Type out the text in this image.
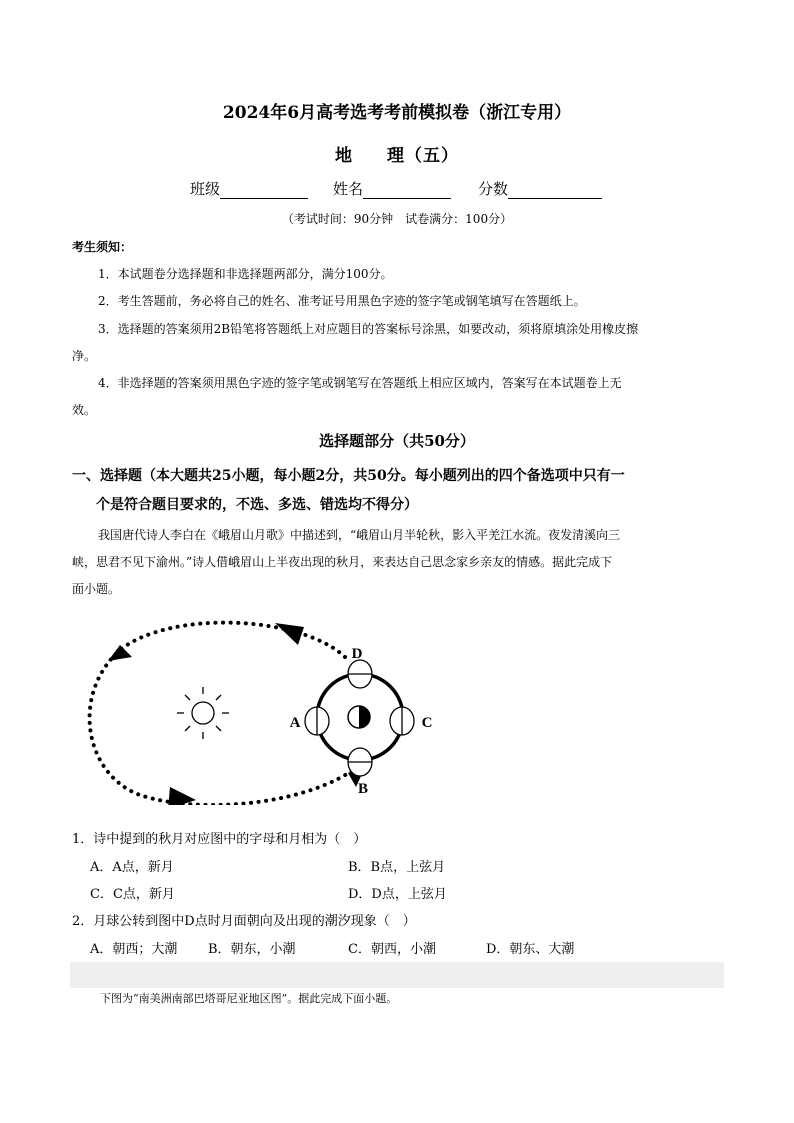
2024年6月高考选考考前模拟卷（浙江专用）
地 理（五）
班级	姓名	分数
（考试时间：90分钟　试卷满分：100分）
考生须知：
1．本试题卷分选择题和非选择题两部分，满分100分。
2．考生答题前，务必将自己的姓名、准考证号用黑色字迹的签字笔或钢笔填写在答题纸上。
3．选择题的答案须用2B铅笔将答题纸上对应题目的答案标号涂黑，如要改动，须将原填涂处用橡皮擦
净。
4．非选择题的答案须用黑色字迹的签字笔或钢笔写在答题纸上相应区域内，答案写在本试题卷上无
效。
选择题部分（共50分）
一、选择题（本大题共25小题，每小题2分，共50分。每小题列出的四个备选项中只有一
个是符合题目要求的，不选、多选、错选均不得分）
我国唐代诗人李白在《峨眉山月歌》中描述到，“峨眉山月半轮秋，影入平羌江水流。夜发清溪向三
峡，思君不见下渝州。”诗人借峨眉山上半夜出现的秋月，来表达自己思念家乡亲友的情感。据此完成下
面小题。
D
B
A	C
1．诗中提到的秋月对应图中的字母和月相为（　）
A．A点，新月	B．B点，上弦月
C．C点，新月	D．D点，上弦月
2．月球公转到图中D点时月面朝向及出现的潮汐现象（　）
A．朝西；大潮 B．朝东，小潮	C．朝西，小潮	D．朝东、大潮
下图为“南美洲南部巴塔哥尼亚地区图”。据此完成下面小题。
